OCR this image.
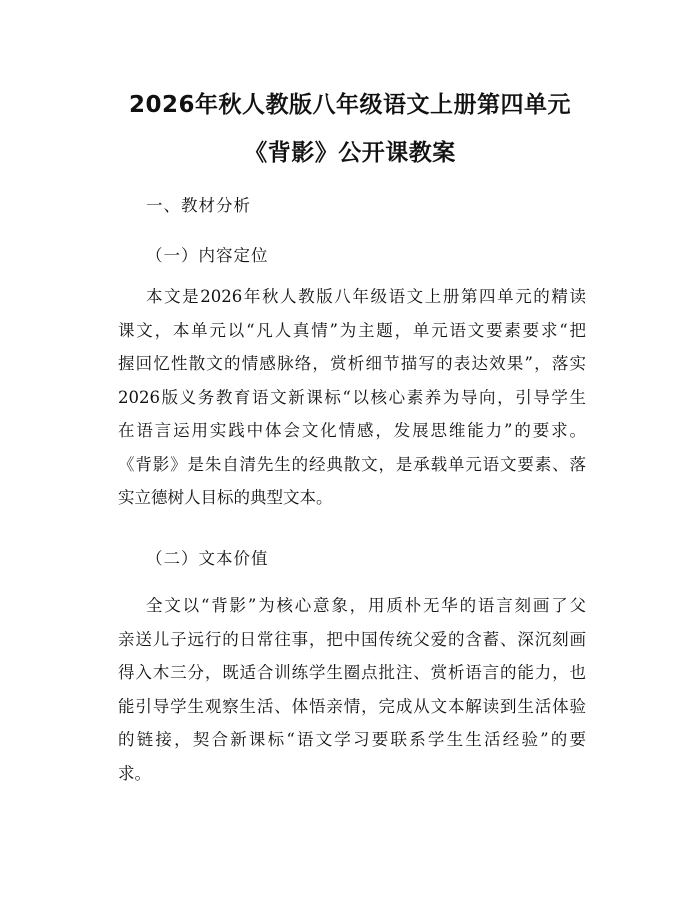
2026年秋人教版八年级语文上册第四单元
《背影》公开课教案
一、教材分析
（一）内容定位
本文是2026年秋人教版八年级语文上册第四单元的精读
课文，本单元以“凡人真情”为主题，单元语文要素要求“把
握回忆性散文的情感脉络，赏析细节描写的表达效果”，落实
2026版义务教育语文新课标“以核心素养为导向，引导学生
在语言运用实践中体会文化情感，发展思维能力”的要求。
《背影》是朱自清先生的经典散文，是承载单元语文要素、落
实立德树人目标的典型文本。
（二）文本价值
全文以“背影”为核心意象，用质朴无华的语言刻画了父
亲送儿子远行的日常往事，把中国传统父爱的含蓄、深沉刻画
得入木三分，既适合训练学生圈点批注、赏析语言的能力，也
能引导学生观察生活、体悟亲情，完成从文本解读到生活体验
的链接，契合新课标“语文学习要联系学生生活经验”的要
求。
